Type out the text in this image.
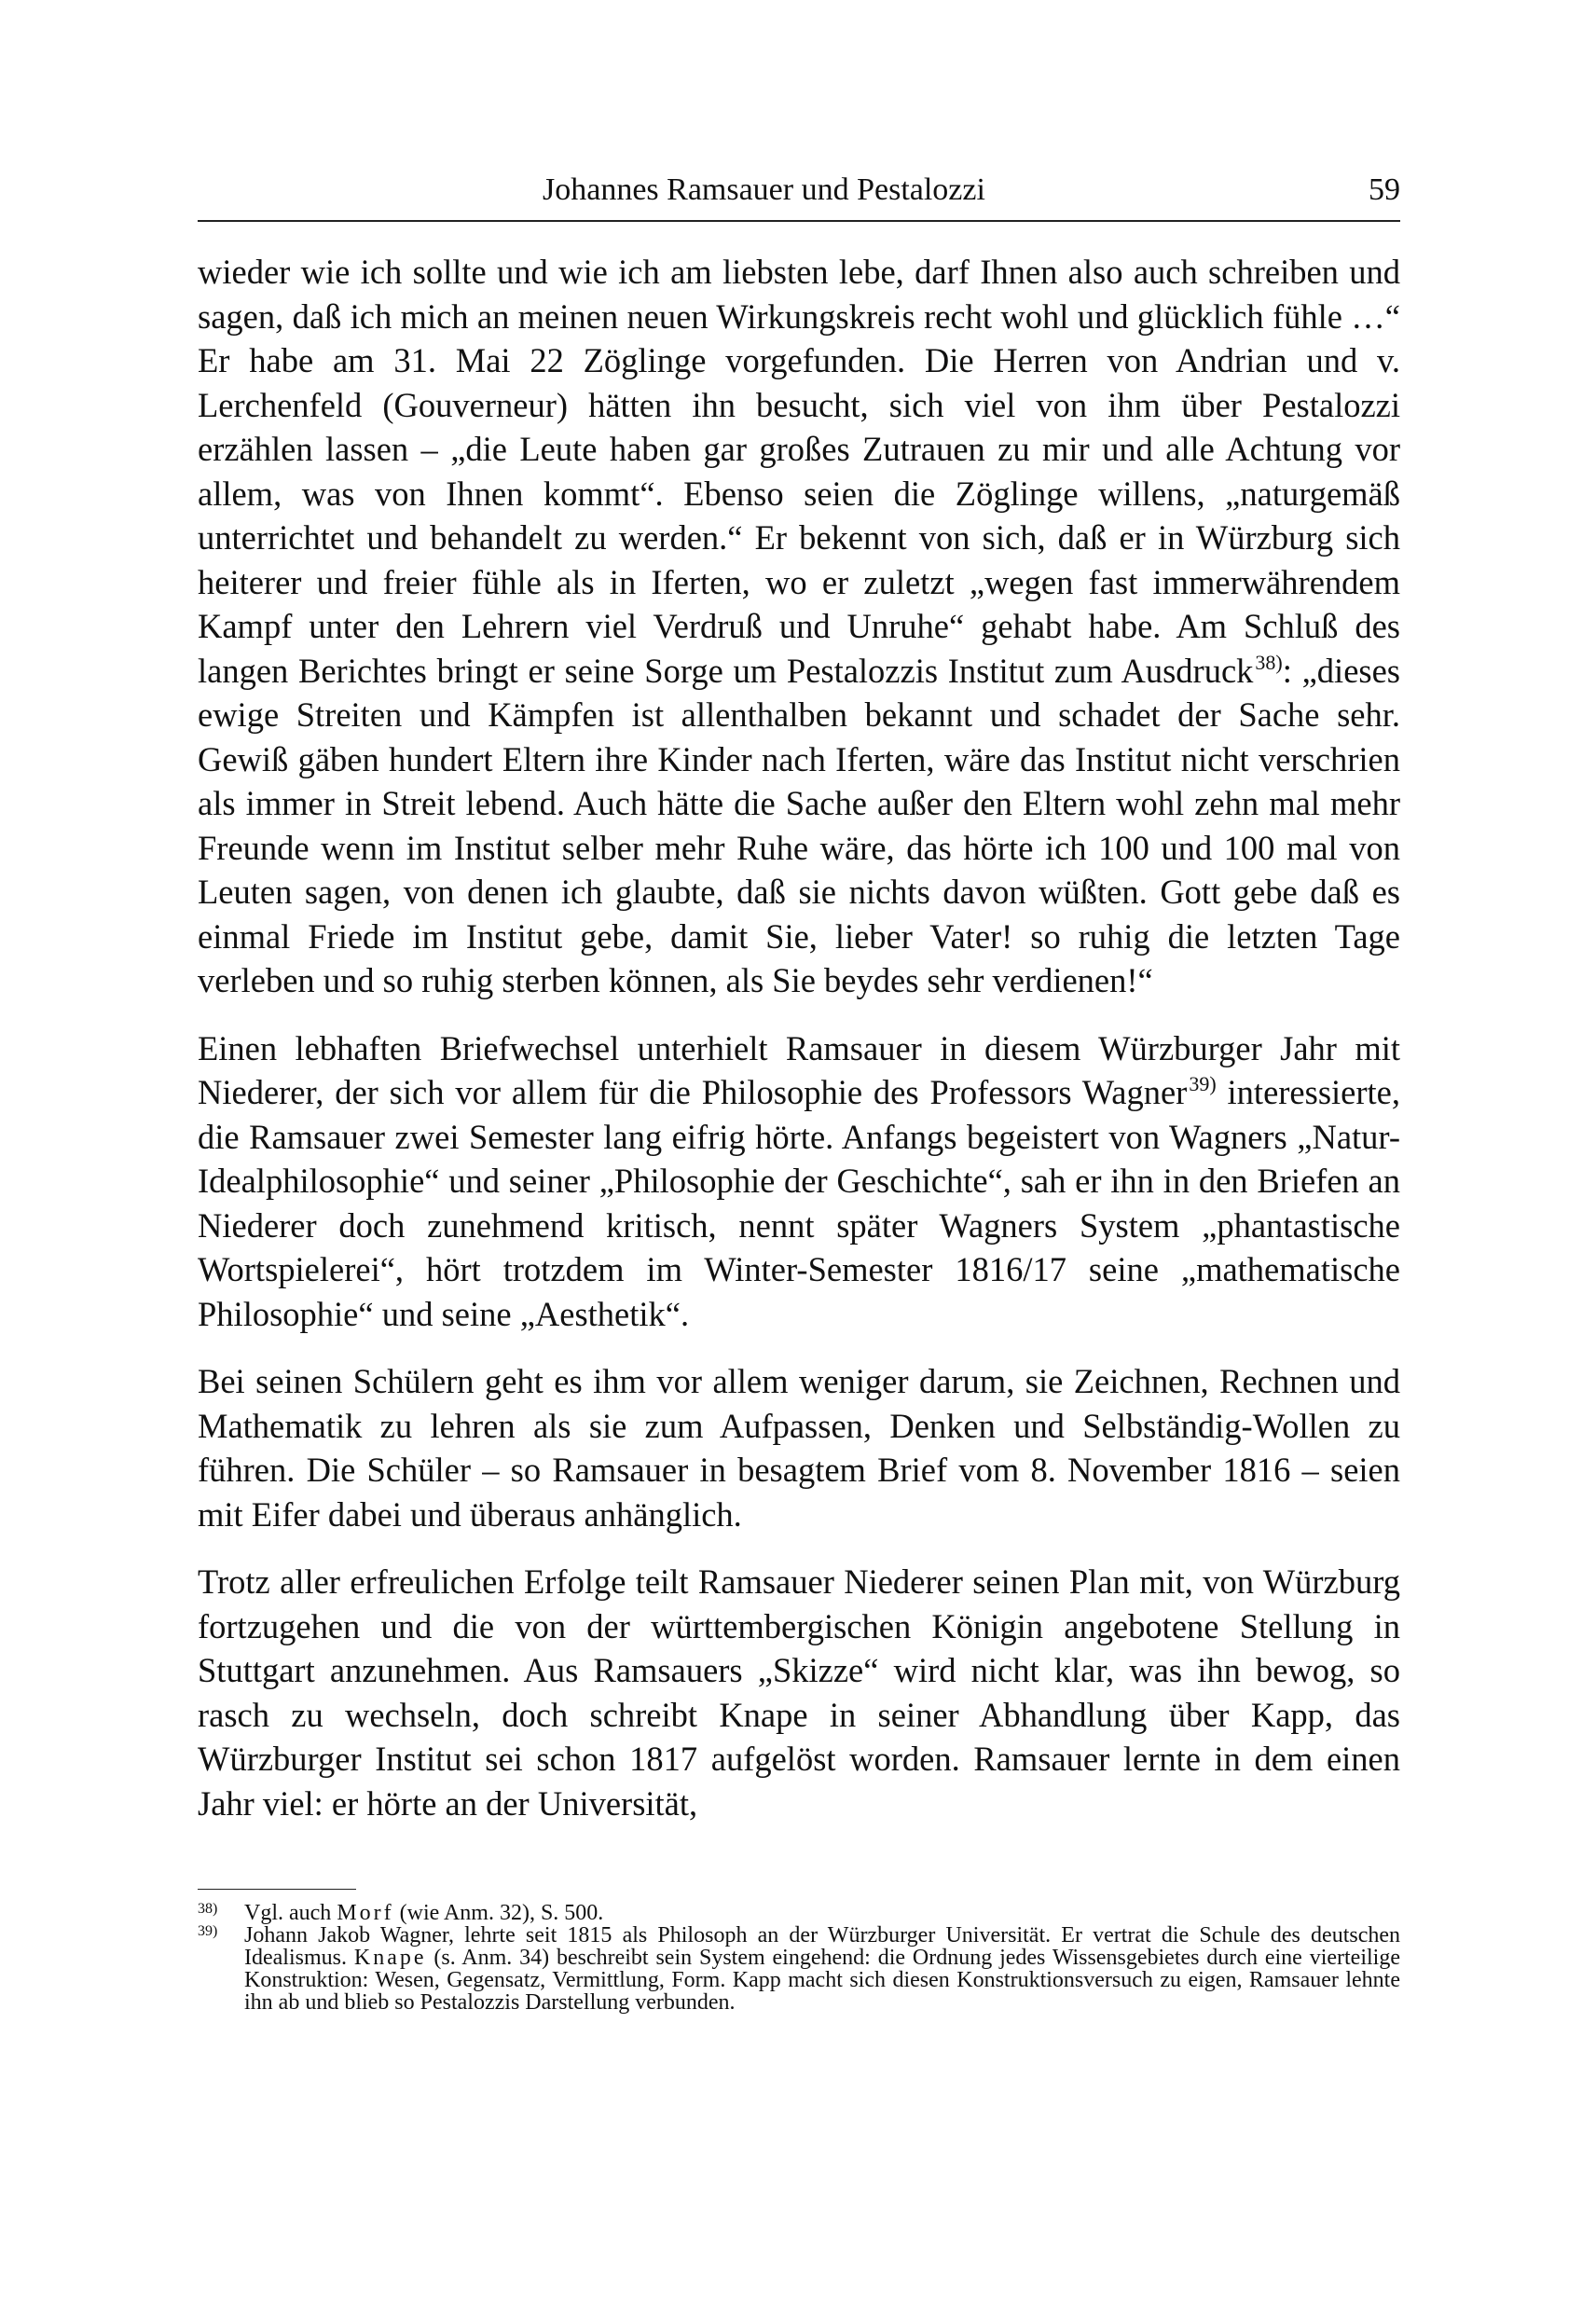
Johannes Ramsauer und Pestalozzi	59

wieder wie ich sollte und wie ich am liebsten lebe, darf Ihnen also auch schreiben und sagen, daß ich mich an meinen neuen Wirkungskreis recht wohl und glücklich fühle …“ Er habe am 31. Mai 22 Zöglinge vorgefunden. Die Herren von Andrian und v. Lerchenfeld (Gouverneur) hätten ihn besucht, sich viel von ihm über Pestalozzi erzählen lassen – „die Leute haben gar großes Zutrauen zu mir und alle Achtung vor allem, was von Ihnen kommt“. Ebenso seien die Zöglinge willens, „naturgemäß unterrichtet und behandelt zu werden.“ Er bekennt von sich, daß er in Würzburg sich heiterer und freier fühle als in Iferten, wo er zuletzt „wegen fast immerwährendem Kampf unter den Lehrern viel Verdruß und Unruhe“ gehabt habe. Am Schluß des langen Berichtes bringt er seine Sorge um Pestalozzis Institut zum Ausdruck$^{38)}$: „dieses ewige Streiten und Kämpfen ist allenthalben bekannt und schadet der Sache sehr. Gewiß gäben hundert Eltern ihre Kinder nach Iferten, wäre das Institut nicht verschrien als immer in Streit lebend. Auch hätte die Sache außer den Eltern wohl zehn mal mehr Freunde wenn im Institut selber mehr Ruhe wäre, das hörte ich 100 und 100 mal von Leuten sagen, von denen ich glaubte, daß sie nichts davon wüßten. Gott gebe daß es einmal Friede im Institut gebe, damit Sie, lieber Vater! so ruhig die letzten Tage verleben und so ruhig sterben können, als Sie beydes sehr verdienen!“

Einen lebhaften Briefwechsel unterhielt Ramsauer in diesem Würzburger Jahr mit Niederer, der sich vor allem für die Philosophie des Professors Wagner$^{39)}$ interessierte, die Ramsauer zwei Semester lang eifrig hörte. Anfangs begeistert von Wagners „Natur-Idealphilosophie“ und seiner „Philosophie der Geschichte“, sah er ihn in den Briefen an Niederer doch zunehmend kritisch, nennt später Wagners System „phantastische Wortspielerei“, hört trotzdem im Winter-Semester 1816/17 seine „mathematische Philosophie“ und seine „Aesthetik“.

Bei seinen Schülern geht es ihm vor allem weniger darum, sie Zeichnen, Rechnen und Mathematik zu lehren als sie zum Aufpassen, Denken und Selbständig-Wollen zu führen. Die Schüler – so Ramsauer in besagtem Brief vom 8. November 1816 – seien mit Eifer dabei und überaus anhänglich.

Trotz aller erfreulichen Erfolge teilt Ramsauer Niederer seinen Plan mit, von Würzburg fortzugehen und die von der württembergischen Königin angebotene Stellung in Stuttgart anzunehmen. Aus Ramsauers „Skizze“ wird nicht klar, was ihn bewog, so rasch zu wechseln, doch schreibt Knape in seiner Abhandlung über Kapp, das Würzburger Institut sei schon 1817 aufgelöst worden. Ramsauer lernte in dem einen Jahr viel: er hörte an der Universität,

38) Vgl. auch Morf (wie Anm. 32), S. 500.

39) Johann Jakob Wagner, lehrte seit 1815 als Philosoph an der Würzburger Universität. Er vertrat die Schule des deutschen Idealismus. Knape (s. Anm. 34) beschreibt sein System eingehend: die Ordnung jedes Wissensgebietes durch eine vierteilige Konstruktion: Wesen, Gegensatz, Vermittlung, Form. Kapp macht sich diesen Konstruktionsversuch zu eigen, Ramsauer lehnte ihn ab und blieb so Pestalozzis Darstellung verbunden.
